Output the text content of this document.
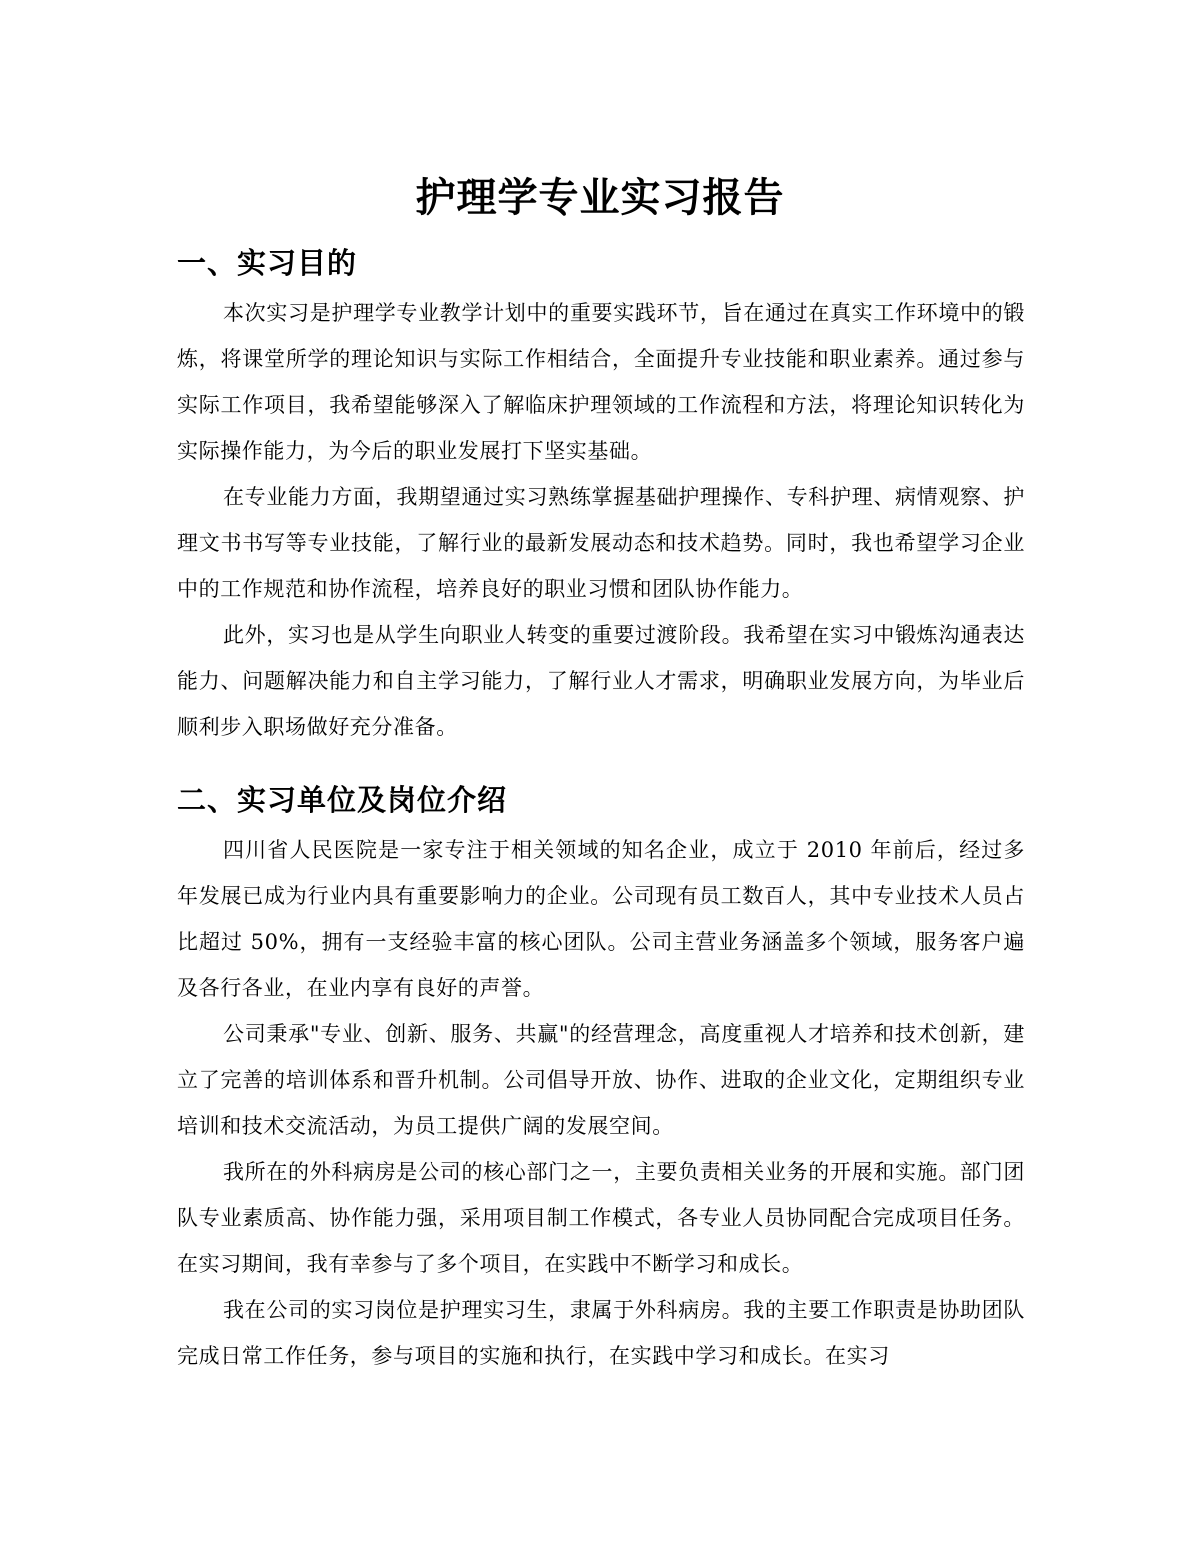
护理学专业实习报告
一、实习目的

本次实习是护理学专业教学计划中的重要实践环节，旨在通过在真实工作环境中的锻炼，将课堂所学的理论知识与实际工作相结合，全面提升专业技能和职业素养。通过参与实际工作项目，我希望能够深入了解临床护理领域的工作流程和方法，将理论知识转化为实际操作能力，为今后的职业发展打下坚实基础。

在专业能力方面，我期望通过实习熟练掌握基础护理操作、专科护理、病情观察、护理文书书写等专业技能，了解行业的最新发展动态和技术趋势。同时，我也希望学习企业中的工作规范和协作流程，培养良好的职业习惯和团队协作能力。

此外，实习也是从学生向职业人转变的重要过渡阶段。我希望在实习中锻炼沟通表达能力、问题解决能力和自主学习能力，了解行业人才需求，明确职业发展方向，为毕业后顺利步入职场做好充分准备。

二、实习单位及岗位介绍

四川省人民医院是一家专注于相关领域的知名企业，成立于 2010 年前后，经过多年发展已成为行业内具有重要影响力的企业。公司现有员工数百人，其中专业技术人员占比超过 50%，拥有一支经验丰富的核心团队。公司主营业务涵盖多个领域，服务客户遍及各行各业，在业内享有良好的声誉。

公司秉承"专业、创新、服务、共赢"的经营理念，高度重视人才培养和技术创新，建立了完善的培训体系和晋升机制。公司倡导开放、协作、进取的企业文化，定期组织专业培训和技术交流活动，为员工提供广阔的发展空间。

我所在的外科病房是公司的核心部门之一，主要负责相关业务的开展和实施。部门团队专业素质高、协作能力强，采用项目制工作模式，各专业人员协同配合完成项目任务。在实习期间，我有幸参与了多个项目，在实践中不断学习和成长。

我在公司的实习岗位是护理实习生，隶属于外科病房。我的主要工作职责是协助团队完成日常工作任务，参与项目的实施和执行，在实践中学习和成长。在实习
